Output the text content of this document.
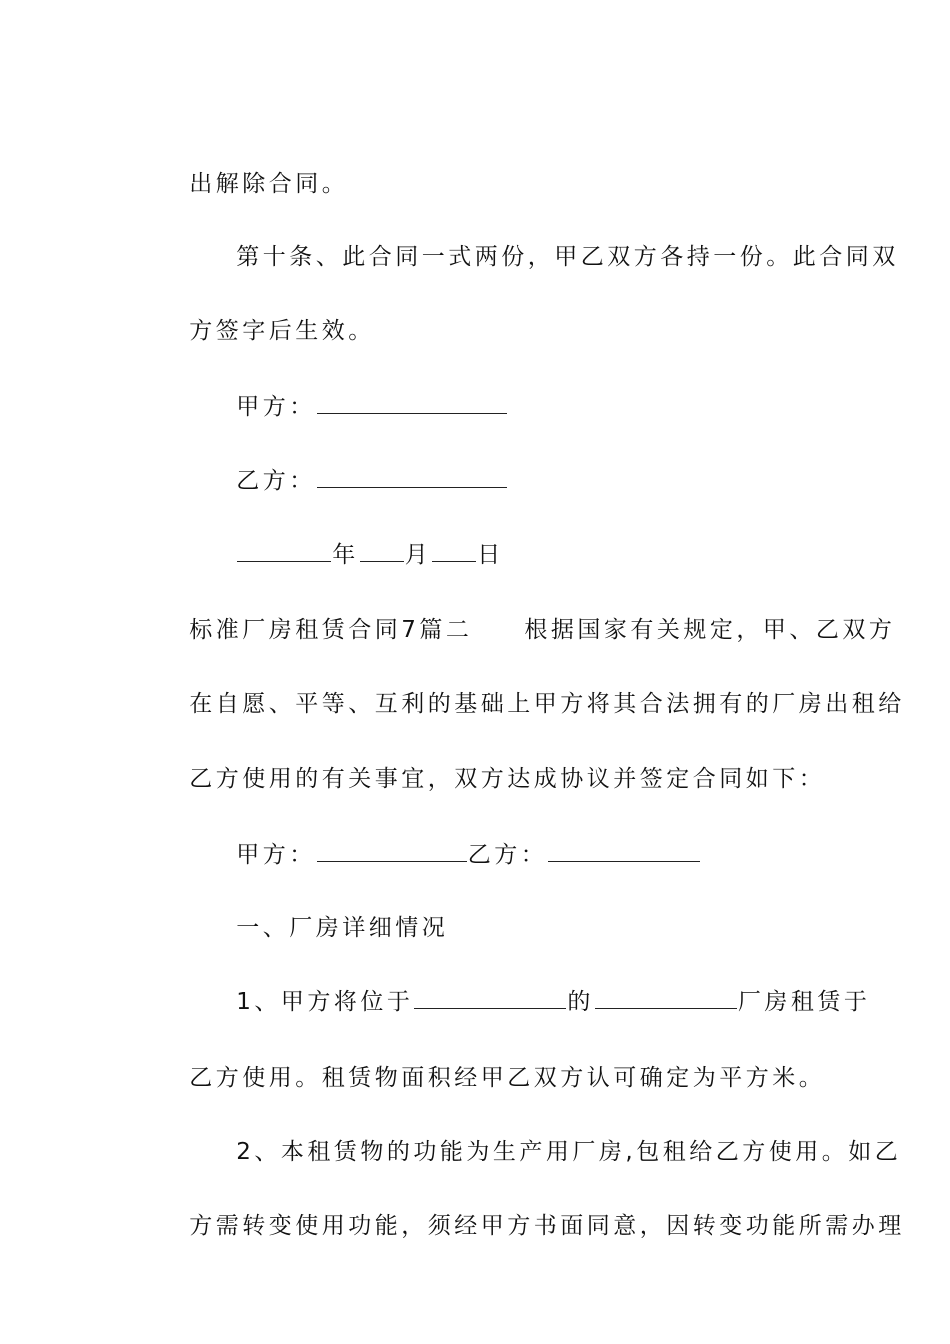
出解除合同。

第十条、此合同一式两份，甲乙双方各持一份。此合同双

方签字后生效。

甲方：

乙方：

年 月 日

标准厂房租赁合同7篇二 根据国家有关规定，甲、乙双方

在自愿、平等、互利的基础上甲方将其合法拥有的厂房出租给

乙方使用的有关事宜，双方达成协议并签定合同如下：

甲方：	乙方：

一、厂房详细情况

1、甲方将位于	的	厂房租赁于

乙方使用。租赁物面积经甲乙双方认可确定为平方米。

2、本租赁物的功能为生产用厂房,包租给乙方使用。如乙

方需转变使用功能，须经甲方书面同意，因转变功能所需办理
